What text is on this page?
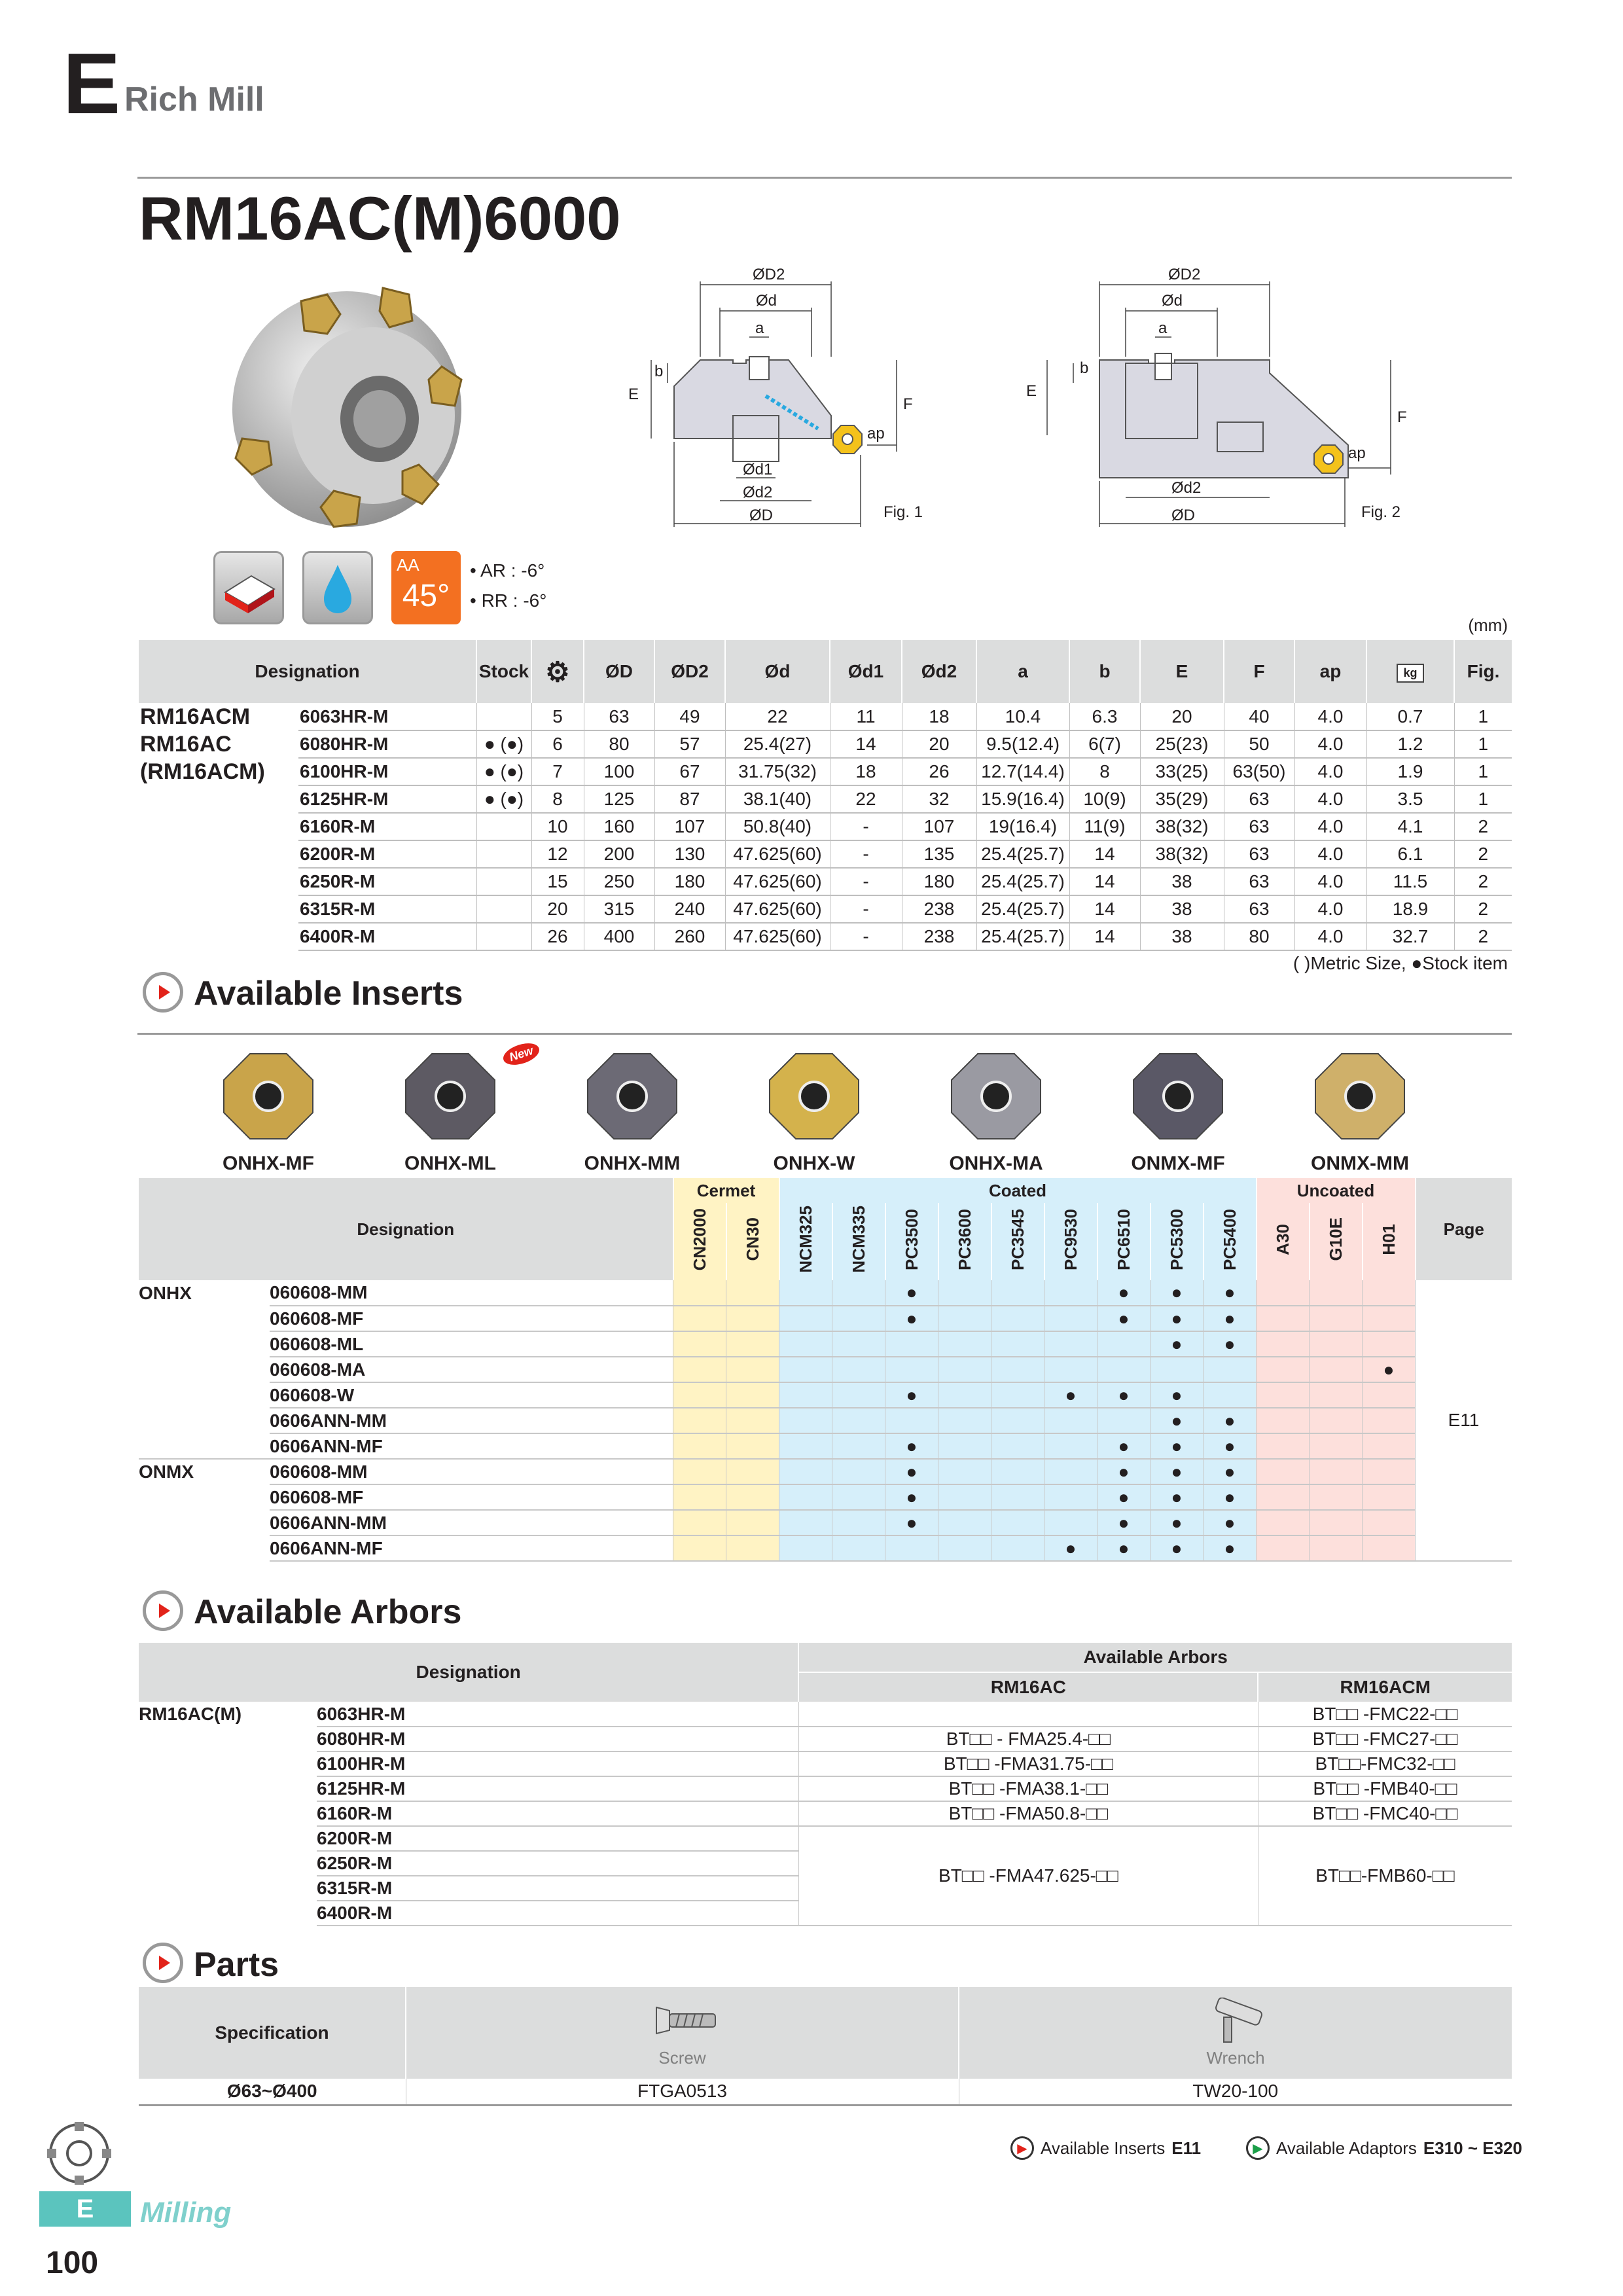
E Rich Mill
RM16AC(M)6000
ØD2
Ød
a
b
E
F
ap
Ød1
Ød2
ØD	Fig. 1
ØD2
Ød
a
b
E
F
ap
Ød2
ØD	Fig. 2
AA
45°
• AR : -6°
• RR : -6°
(mm)
Designation		Stock	⚙	ØD	ØD2	Ød	Ød1	Ød2	a	b	E	F	ap	kg	Fig.

RM16ACM
RM16AC
(RM16ACM)	6063HR-M		5	63	49	22	11	18	10.4	6.3	20	40	4.0	0.7	1
	6080HR-M	● (●)	6	80	57	25.4(27)	14	20	9.5(12.4)	6(7)	25(23)	50	4.0	1.2	1
	6100HR-M	● (●)	7	100	67	31.75(32)	18	26	12.7(14.4)	8	33(25)	63(50)	4.0	1.9	1
	6125HR-M	● (●)	8	125	87	38.1(40)	22	32	15.9(16.4)	10(9)	35(29)	63	4.0	3.5	1
	6160R-M		10	160	107	50.8(40)	-	107	19(16.4)	11(9)	38(32)	63	4.0	4.1	2
	6200R-M		12	200	130	47.625(60)	-	135	25.4(25.7)	14	38(32)	63	4.0	6.1	2
	6250R-M		15	250	180	47.625(60)	-	180	25.4(25.7)	14	38	63	4.0	11.5	2
	6315R-M		20	315	240	47.625(60)	-	238	25.4(25.7)	14	38	63	4.0	18.9	2
	6400R-M		26	400	260	47.625(60)	-	238	25.4(25.7)	14	38	80	4.0	32.7	2
( )Metric Size, ●Stock item
Available Inserts
ONHX-MF	ONHX-ML	ONHX-MM	ONHX-W	ONHX-MA	ONMX-MF	ONMX-MM
New
Designation		Cermet		Coated									Uncoated			Page
		CN2000	CN30	NCM325	NCM335	PC3500	PC3600	PC3545	PC9530	PC6510	PC5300	PC5400	A30	G10E	H01	
ONHX	060608-MM					●				●	●	●				E11
	060608-MF					●				●	●	●				
	060608-ML										●	●				
	060608-MA														●	
	060608-W					●			●	●	●					
	0606ANN-MM										●	●				
	0606ANN-MF					●				●	●	●				
ONMX	060608-MM					●				●	●	●				
	060608-MF					●				●	●	●				
	0606ANN-MM					●				●	●	●				
	0606ANN-MF								●	●	●	●				
Available Arbors
Designation		Available Arbors	
		RM16AC	RM16ACM
RM16AC(M)	6063HR-M		BT□□ -FMC22-□□
	6080HR-M	BT□□ - FMA25.4-□□	BT□□ -FMC27-□□
	6100HR-M	BT□□ -FMA31.75-□□	BT□□-FMC32-□□
	6125HR-M	BT□□ -FMA38.1-□□	BT□□ -FMB40-□□
	6160R-M	BT□□ -FMA50.8-□□	BT□□ -FMC40-□□
	6200R-M	BT□□ -FMA47.625-□□	BT□□-FMB60-□□
	6250R-M		
	6315R-M		
	6400R-M		
Parts
Specification	Screw	Wrench

Ø63~Ø400	FTGA0513	TW20-100
▶ Available Inserts E11	▶ Available Adaptors E310 ~ E320
E	Milling
100
